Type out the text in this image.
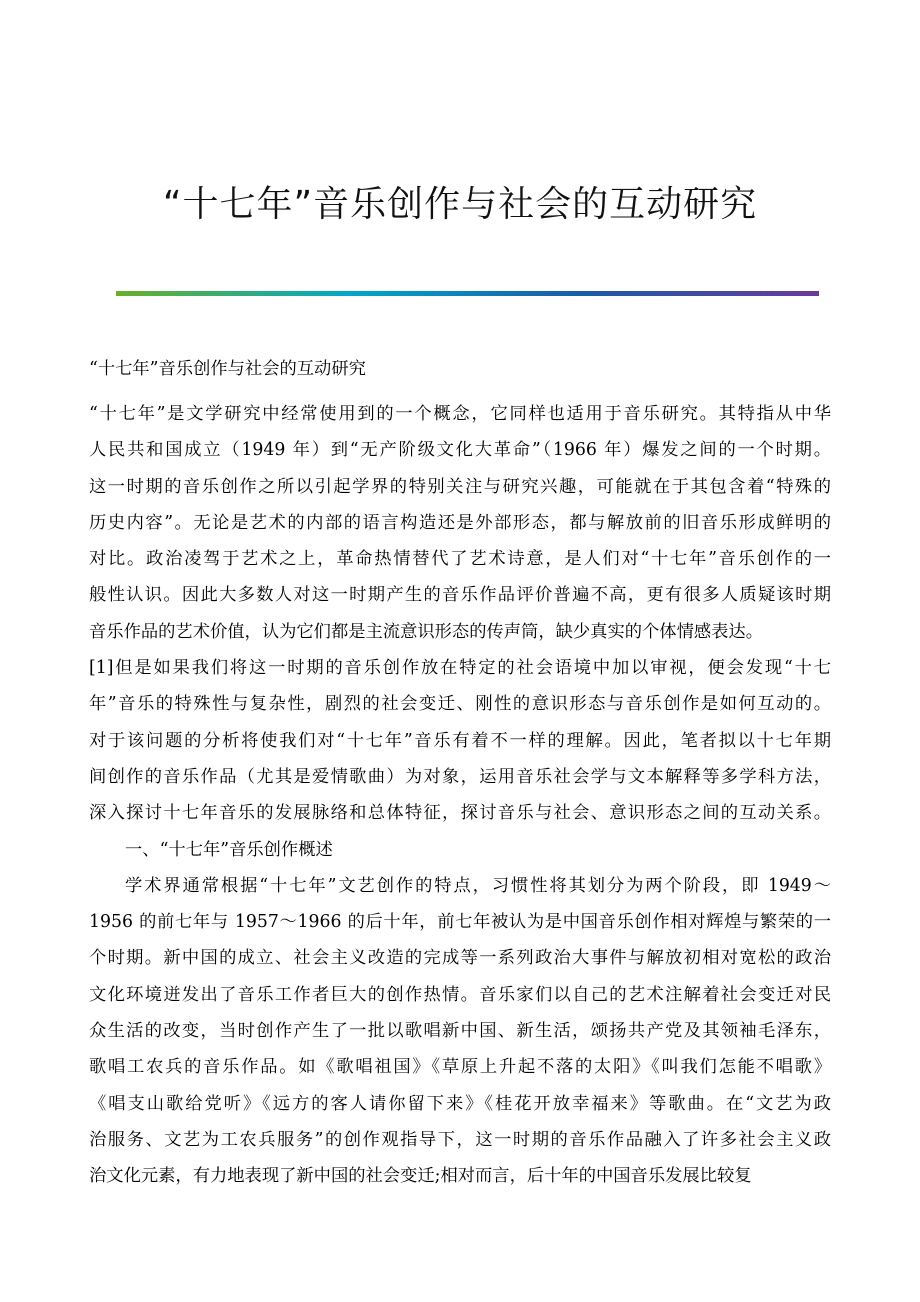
“十七年”音乐创作与社会的互动研究
“十七年”音乐创作与社会的互动研究
“十七年”是文学研究中经常使用到的一个概念，它同样也适用于音乐研究。其特指从中华
人民共和国成立（1949 年）到“无产阶级文化大革命”（1966 年）爆发之间的一个时期。
这一时期的音乐创作之所以引起学界的特别关注与研究兴趣，可能就在于其包含着“特殊的
历史内容”。无论是艺术的内部的语言构造还是外部形态，都与解放前的旧音乐形成鲜明的
对比。政治凌驾于艺术之上，革命热情替代了艺术诗意，是人们对“十七年”音乐创作的一
般性认识。因此大多数人对这一时期产生的音乐作品评价普遍不高，更有很多人质疑该时期
音乐作品的艺术价值，认为它们都是主流意识形态的传声筒，缺少真实的个体情感表达。
[1]但是如果我们将这一时期的音乐创作放在特定的社会语境中加以审视，便会发现“十七
年”音乐的特殊性与复杂性，剧烈的社会变迁、刚性的意识形态与音乐创作是如何互动的。
对于该问题的分析将使我们对“十七年”音乐有着不一样的理解。因此，笔者拟以十七年期
间创作的音乐作品（尤其是爱情歌曲）为对象，运用音乐社会学与文本解释等多学科方法，
深入探讨十七年音乐的发展脉络和总体特征，探讨音乐与社会、意识形态之间的互动关系。
一、“十七年”音乐创作概述
学术界通常根据“十七年”文艺创作的特点，习惯性将其划分为两个阶段，即 1949～
1956 的前七年与 1957～1966 的后十年，前七年被认为是中国音乐创作相对辉煌与繁荣的一
个时期。新中国的成立、社会主义改造的完成等一系列政治大事件与解放初相对宽松的政治
文化环境迸发出了音乐工作者巨大的创作热情。音乐家们以自己的艺术注解着社会变迁对民
众生活的改变，当时创作产生了一批以歌唱新中国、新生活，颂扬共产党及其领袖毛泽东，
歌唱工农兵的音乐作品。如《歌唱祖国》《草原上升起不落的太阳》《叫我们怎能不唱歌》
《唱支山歌给党听》《远方的客人请你留下来》《桂花开放幸福来》等歌曲。在“文艺为政
治服务、文艺为工农兵服务”的创作观指导下，这一时期的音乐作品融入了许多社会主义政
治文化元素，有力地表现了新中国的社会变迁;相对而言，后十年的中国音乐发展比较复
